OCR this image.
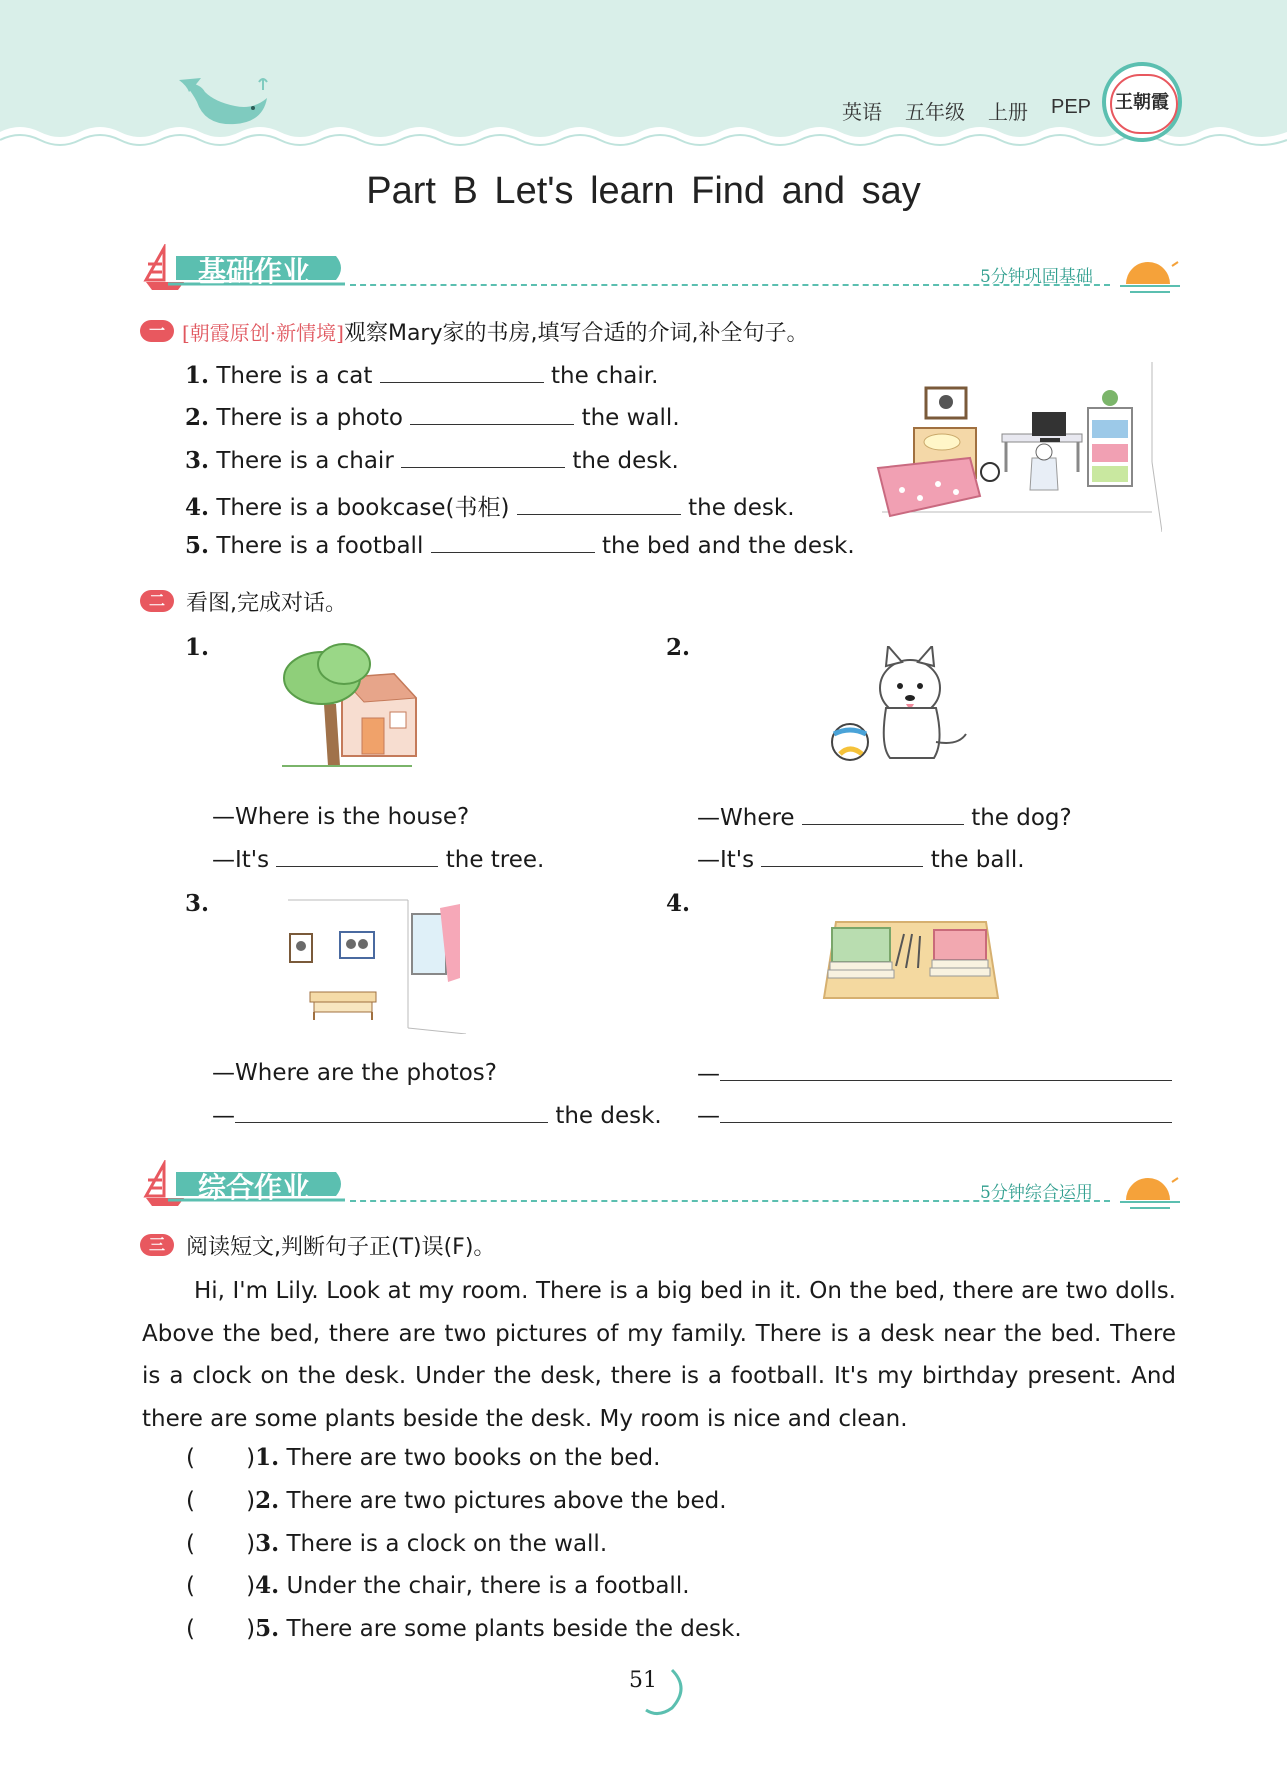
英语 五年级 上册 PEP	王朝霞
Part B Let's learn Find and say
基础作业	5分钟巩固基础
一 [朝霞原创·新情境]观察Mary家的书房,填写合适的介词,补全句子。
1. There is a cat	the chair.
2. There is a photo	the wall.
3. There is a chair	the desk.
4. There is a bookcase(书柜)	the desk.
5. There is a football	the bed and the desk.
二 看图,完成对话。
1.	2.
—Where is the house?
—It's	the tree.
—Where	the dog?
—It's	the ball.
3.	4.
—Where are the photos?
—	the desk.
—
—
综合作业	5分钟综合运用
三 阅读短文,判断句子正(T)误(F)。
Hi, I'm Lily. Look at my room. There is a big bed in it. On the bed, there are two dolls. Above the bed, there are two pictures of my family. There is a desk near the bed. There is a clock on the desk. Under the desk, there is a football. It's my birthday present. And there are some plants beside the desk. My room is nice and clean.
(       )1. There are two books on the bed.
(       )2. There are two pictures above the bed.
(       )3. There is a clock on the wall.
(       )4. Under the chair, there is a football.
(       )5. There are some plants beside the desk.
51
